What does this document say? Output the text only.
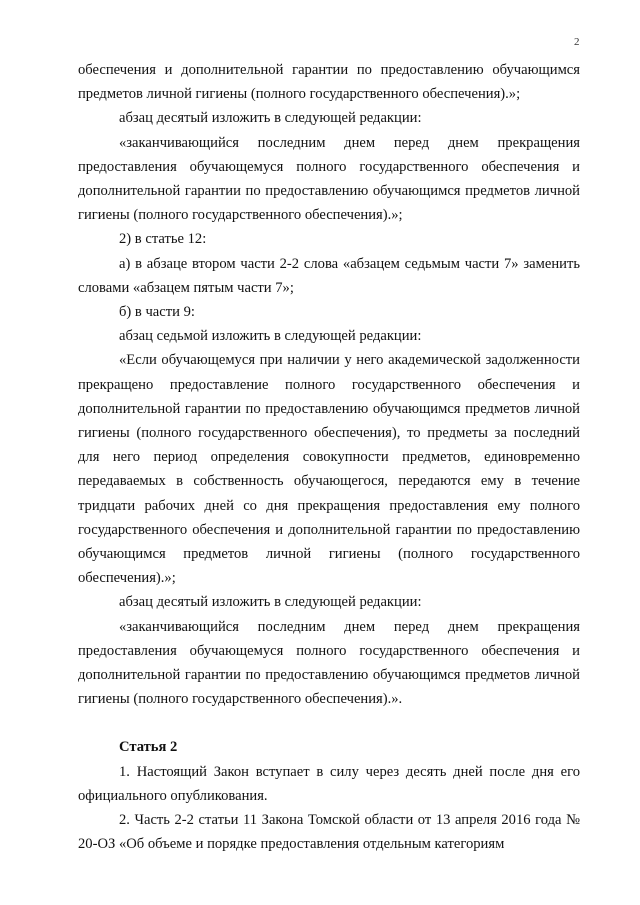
2

обеспечения и дополнительной гарантии по предоставлению обучающимся предметов личной гигиены (полного государственного обеспечения).»;

абзац десятый изложить в следующей редакции:

«заканчивающийся последним днем перед днем прекращения предоставления обучающемуся полного государственного обеспечения и дополнительной гарантии по предоставлению обучающимся предметов личной гигиены (полного государственного обеспечения).»;

2) в статье 12:

а) в абзаце втором части 2-2 слова «абзацем седьмым части 7» заменить словами «абзацем пятым части 7»;

б) в части 9:

абзац седьмой изложить в следующей редакции:

«Если обучающемуся при наличии у него академической задолженности прекращено предоставление полного государственного обеспечения и дополнительной гарантии по предоставлению обучающимся предметов личной гигиены (полного государственного обеспечения), то предметы за последний для него период определения совокупности предметов, единовременно передаваемых в собственность обучающегося, передаются ему в течение тридцати рабочих дней со дня прекращения предоставления ему полного государственного обеспечения и дополнительной гарантии по предоставлению обучающимся предметов личной гигиены (полного государственного обеспечения).»;

абзац десятый изложить в следующей редакции:

«заканчивающийся последним днем перед днем прекращения предоставления обучающемуся полного государственного обеспечения и дополнительной гарантии по предоставлению обучающимся предметов личной гигиены (полного государственного обеспечения).».

Статья 2

1. Настоящий Закон вступает в силу через десять дней после дня его официального опубликования.

2. Часть 2-2 статьи 11 Закона Томской области от 13 апреля 2016 года № 20-ОЗ «Об объеме и порядке предоставления отдельным категориям
